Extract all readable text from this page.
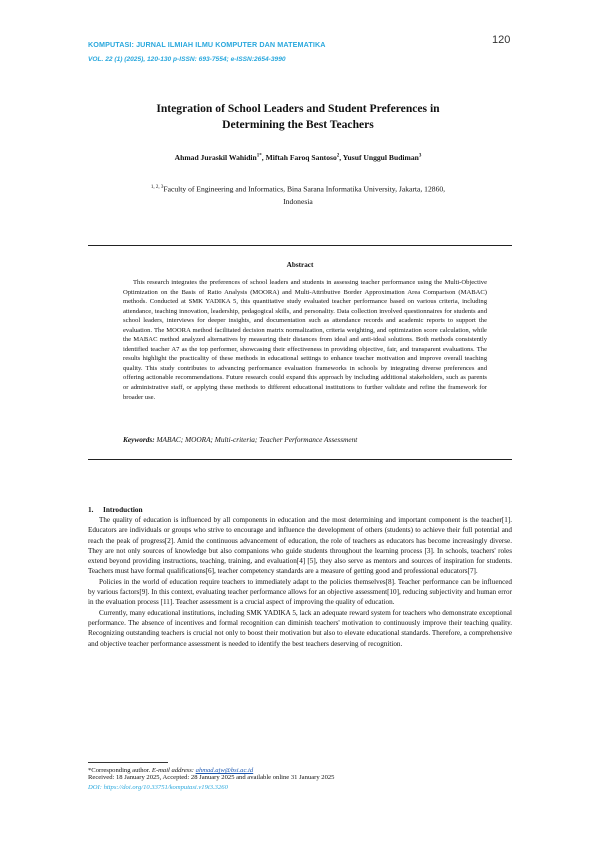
KOMPUTASI: JURNAL ILMIAH ILMU KOMPUTER DAN MATEMATIKA
VOL. 22 (1) (2025), 120-130 p-ISSN: 693-7554; e-ISSN:2654-3990
120
Integration of School Leaders and Student Preferences in
Determining the Best Teachers
Ahmad Juraskil Wahidin$^{1*}$, Miftah Faroq Santoso$^2$, Yusuf Unggul Budiman$^3$
$^{1, 2, 3}$Faculty of Engineering and Informatics, Bina Sarana Informatika University, Jakarta, 12860,
Indonesia
Abstract
This research integrates the preferences of school leaders and students in assessing teacher performance using the Multi-Objective Optimization on the Basis of Ratio Analysis (MOORA) and Multi-Attributive Border Approximation Area Comparison (MABAC) methods. Conducted at SMK YADIKA 5, this quantitative study evaluated teacher performance based on various criteria, including attendance, teaching innovation, leadership, pedagogical skills, and personality. Data collection involved questionnaires for students and school leaders, interviews for deeper insights, and documentation such as attendance records and academic reports to support the evaluation. The MOORA method facilitated decision matrix normalization, criteria weighting, and optimization score calculation, while the MABAC method analyzed alternatives by measuring their distances from ideal and anti-ideal solutions. Both methods consistently identified teacher A7 as the top performer, showcasing their effectiveness in providing objective, fair, and transparent evaluations. The results highlight the practicality of these methods in educational settings to enhance teacher motivation and improve overall teaching quality. This study contributes to advancing performance evaluation frameworks in schools by integrating diverse preferences and offering actionable recommendations. Future research could expand this approach by including additional stakeholders, such as parents or administrative staff, or applying these methods to different educational institutions to further validate and refine the framework for broader use.
Keywords: MABAC; MOORA; Multi-criteria; Teacher Performance Assessment
1. Introduction

The quality of education is influenced by all components in education and the most determining and important component is the teacher[1]. Educators are individuals or groups who strive to encourage and influence the development of others (students) to achieve their full potential and reach the peak of progress[2]. Amid the continuous advancement of education, the role of teachers as educators has become increasingly diverse. They are not only sources of knowledge but also companions who guide students throughout the learning process [3]. In schools, teachers' roles extend beyond providing instructions, teaching, training, and evaluation[4] [5], they also serve as mentors and sources of inspiration for students. Teachers must have formal qualifications[6], teacher competency standards are a measure of getting good and professional educators[7].

Policies in the world of education require teachers to immediately adapt to the policies themselves[8]. Teacher performance can be influenced by various factors[9]. In this context, evaluating teacher performance allows for an objective assessment[10], reducing subjectivity and human error in the evaluation process [11]. Teacher assessment is a crucial aspect of improving the quality of education.

Currently, many educational institutions, including SMK YADIKA 5, lack an adequate reward system for teachers who demonstrate exceptional performance. The absence of incentives and formal recognition can diminish teachers' motivation to continuously improve their teaching quality. Recognizing outstanding teachers is crucial not only to boost their motivation but also to elevate educational standards. Therefore, a comprehensive and objective teacher performance assessment is needed to identify the best teachers deserving of recognition.

*Corresponding author. E-mail address: ahmad.ajw@bsi.ac.id
Received: 18 January 2025, Accepted: 28 January 2025 and available online 31 January 2025
DOI: https://doi.org/10.33751/komputasi.v19i3.3260
